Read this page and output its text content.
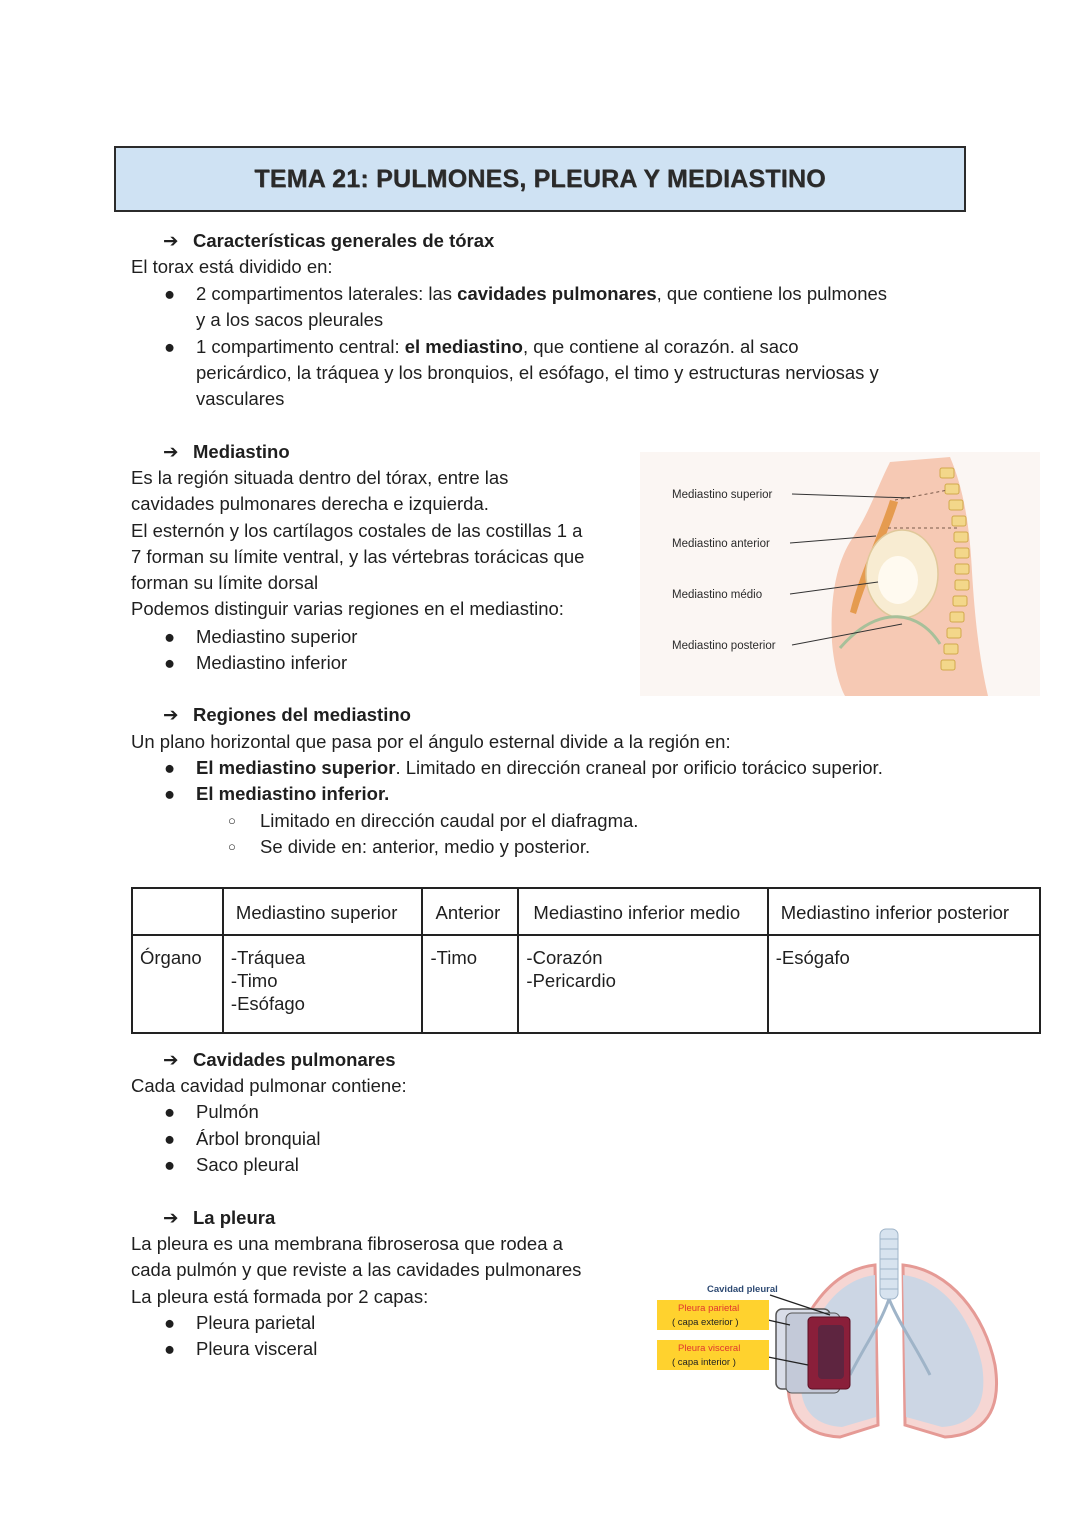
TEMA 21: PULMONES, PLEURA Y MEDIASTINO
➔ Características generales de tórax
El torax está dividido en:
●	2 compartimentos laterales: las cavidades pulmonares, que contiene los pulmones
y a los sacos pleurales
●	1 compartimento central: el mediastino, que contiene al corazón. al saco
pericárdico, la tráquea y los bronquios, el esófago, el timo y estructuras nerviosas y
vasculares
➔ Mediastino
Es la región situada dentro del tórax, entre las
cavidades pulmonares derecha e izquierda.
El esternón y los cartílagos costales de las costillas 1 a
7 forman su límite ventral, y las vértebras torácicas que
forman su límite dorsal
Podemos distinguir varias regiones en el mediastino:
●	Mediastino superior
●	Mediastino inferior
Mediastino superior
Mediastino anterior
Mediastino médio
Mediastino posterior
➔ Regiones del mediastino
Un plano horizontal que pasa por el ángulo esternal divide a la región en:
●	El mediastino superior. Limitado en dirección craneal por orificio torácico superior.
●	El mediastino inferior.
○	Limitado en dirección caudal por el diafragma.
○	Se divide en: anterior, medio y posterior.
	Mediastino superior	Anterior	Mediastino inferior medio	Mediastino inferior posterior
Órgano	-Tráquea
-Timo
-Esófago	-Timo	-Corazón
-Pericardio	-Esógafo
➔ Cavidades pulmonares
Cada cavidad pulmonar contiene:
●	Pulmón
●	Árbol bronquial
●	Saco pleural
➔ La pleura
La pleura es una membrana fibroserosa que rodea a
cada pulmón y que reviste a las cavidades pulmonares
La pleura está formada por 2 capas:
●	Pleura parietal
●	Pleura visceral
Cavidad pleural
Pleura parietal
( capa exterior )
Pleura visceral
( capa interior )
